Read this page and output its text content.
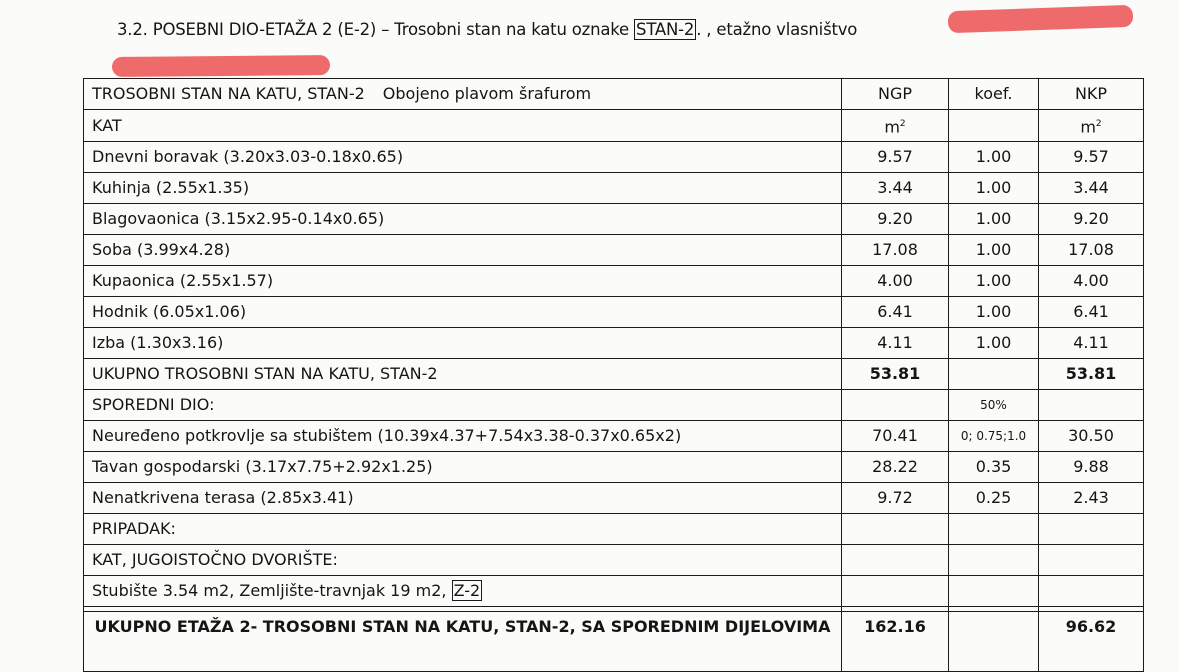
3.2. POSEBNI DIO-ETAŽA 2 (E-2) – Trosobni stan na katu oznake STAN-2 . , etažno vlasništvo
TROSOBNI STAN NA KATU, STAN-2 Obojeno plavom šrafurom	NGP	koef.	NKP
KAT	$m^2$		$m^2$
Dnevni boravak (3.20x3.03-0.18x0.65)	9.57	1.00	9.57
Kuhinja (2.55x1.35)	3.44	1.00	3.44
Blagovaonica (3.15x2.95-0.14x0.65)	9.20	1.00	9.20
Soba (3.99x4.28)	17.08	1.00	17.08
Kupaonica (2.55x1.57)	4.00	1.00	4.00
Hodnik (6.05x1.06)	6.41	1.00	6.41
Izba (1.30x3.16)	4.11	1.00	4.11
UKUPNO TROSOBNI STAN NA KATU, STAN-2	53.81		53.81
SPOREDNI DIO:		50%	
Neuređeno potkrovlje sa stubištem (10.39x4.37+7.54x3.38-0.37x0.65x2)	70.41	0; 0.75;1.0	30.50
Tavan gospodarski (3.17x7.75+2.92x1.25)	28.22	0.35	9.88
Nenatkrivena terasa (2.85x3.41)	9.72	0.25	2.43
PRIPADAK:			
KAT, JUGOISTOČNO DVORIŠTE:			
Stubište 3.54 m2, Zemljište-travnjak 19 m2, Z-2			

UKUPNO ETAŽA 2- TROSOBNI STAN NA KATU, STAN-2, SA SPOREDNIM DIJELOVIMA	162.16		96.62
